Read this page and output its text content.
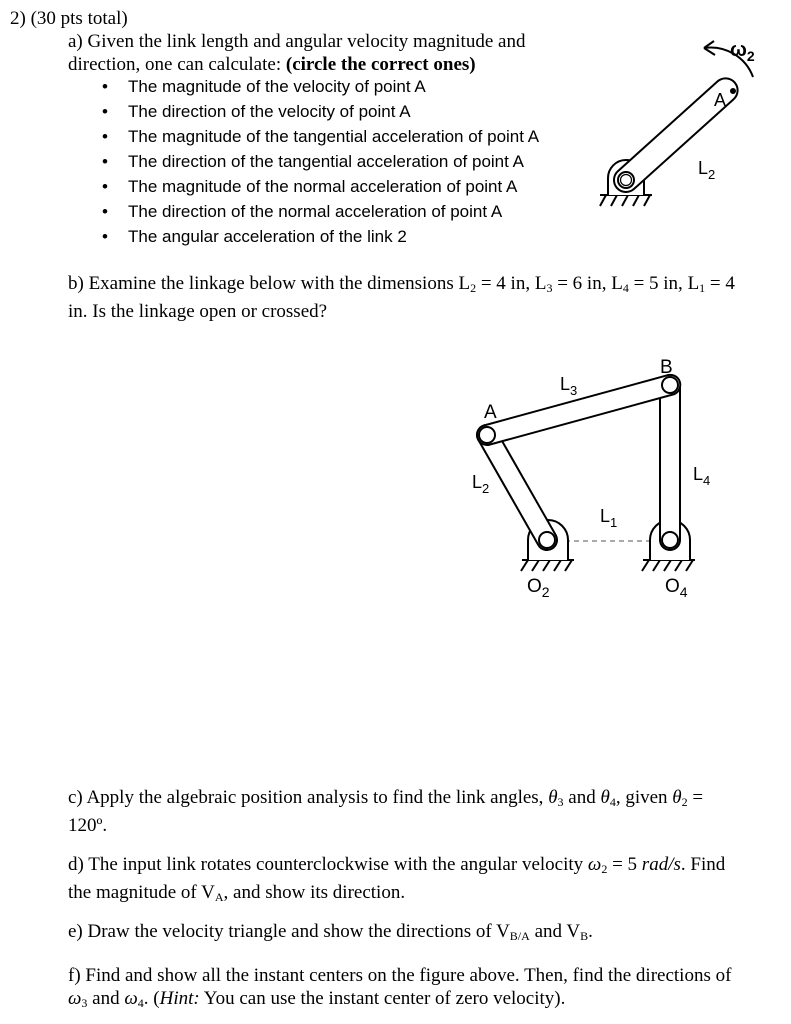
2) (30 pts total)
a) Given the link length and angular velocity magnitude and direction, one can calculate: (circle the correct ones)
• The magnitude of the velocity of point A
• The direction of the velocity of point A
• The magnitude of the tangential acceleration of point A
• The direction of the tangential acceleration of point A
• The magnitude of the normal acceleration of point A
• The direction of the normal acceleration of point A
• The angular acceleration of the link 2
A
$\omega_2$
$L_2$
b) Examine the linkage below with the dimensions $L_2 = 4$ in, $L_3 = 6$ in, $L_4 = 5$ in, $L_1 = 4$
in. Is the linkage open or crossed?
A
B
$L_3$
$L_2$
$L_4$
$L_1$
$O_2$	$O_4$
c) Apply the algebraic position analysis to find the link angles, $\theta_3$ and $\theta_4$, given $\theta_2$ =
120º.
d) The input link rotates counterclockwise with the angular velocity $\omega_2 = 5$ rad/s. Find
the magnitude of $V_A$, and show its direction.
e) Draw the velocity triangle and show the directions of $V_{B/A}$ and $V_B$.
f) Find and show all the instant centers on the figure above. Then, find the directions of
$\omega_3$ and $\omega_4$. (Hint: You can use the instant center of zero velocity).
